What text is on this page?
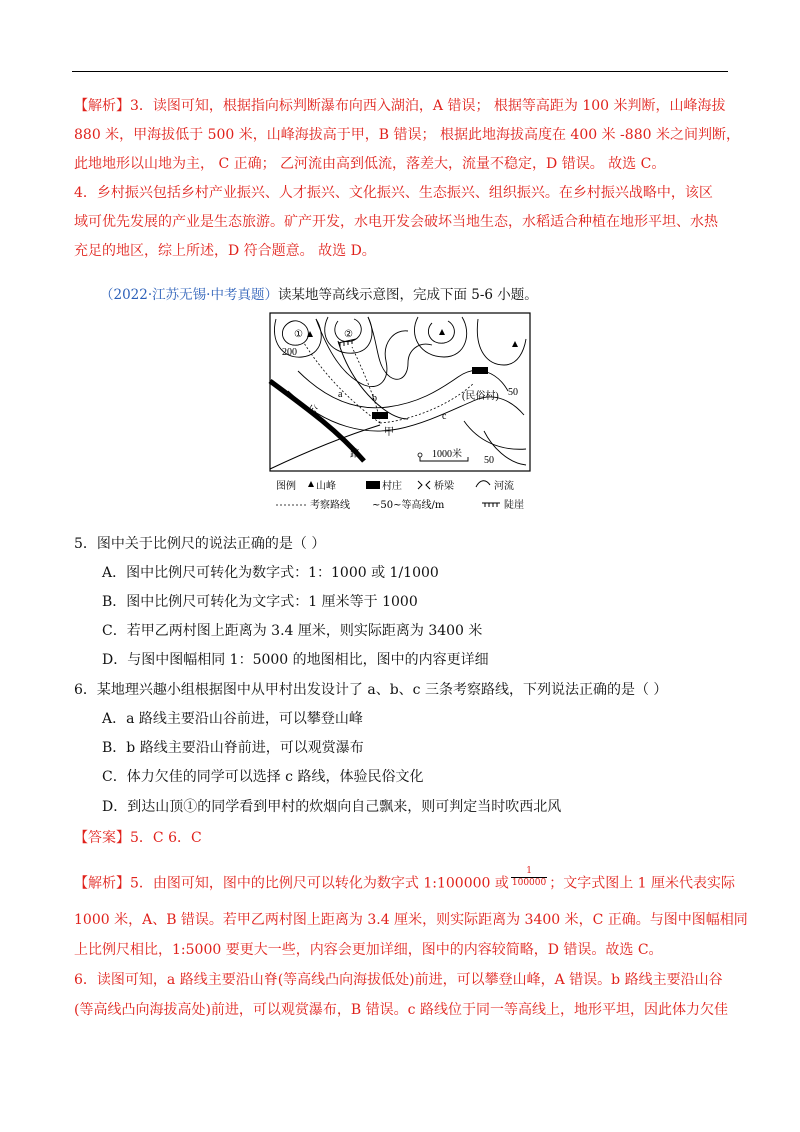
【解析】3．读图可知，根据指向标判断瀑布向西入湖泊，A 错误； 根据等高距为 100 米判断，山峰海拔
880 米，甲海拔低于 500 米，山峰海拔高于甲，B 错误； 根据此地海拔高度在 400 米 -880 米之间判断，
此地地形以山地为主， C 正确； 乙河流由高到低流，落差大，流量不稳定，D 错误。 故选 C。
4．乡村振兴包括乡村产业振兴、人才振兴、文化振兴、生态振兴、组织振兴。在乡村振兴战略中，该区
域可优先发展的产业是生态旅游。矿产开发，水电开发会破坏当地生态，水稻适合种植在地形平坦、水热
充足的地区，综上所述，D 符合题意。 故选 D。
（2022·江苏无锡·中考真题）读某地等高线示意图，完成下面 5-6 小题。
①	②
200
50
50
公
路
甲
(民俗村)
a	b
c
1000米
图例 山峰	村庄	桥梁	河流
考察路线 ~50~等高线/m	陡崖
5．图中关于比例尺的说法正确的是（ ）
A．图中比例尺可转化为数字式：1：1000 或 1/1000
B．图中比例尺可转化为文字式：1 厘米等于 1000
C．若甲乙两村图上距离为 3.4 厘米，则实际距离为 3400 米
D．与图中图幅相同 1：5000 的地图相比，图中的内容更详细
6．某地理兴趣小组根据图中从甲村出发设计了 a、b、c 三条考察路线，下列说法正确的是（ ）
A．a 路线主要沿山谷前进，可以攀登山峰
B．b 路线主要沿山脊前进，可以观赏瀑布
C．体力欠佳的同学可以选择 c 路线，体验民俗文化
D．到达山顶①的同学看到甲村的炊烟向自己飘来，则可判定当时吹西北风
【答案】5．C 6．C
【解析】5．由图可知，图中的比例尺可以转化为数字式 1:100000 或 $\frac{1}{100000}$ ；文字式图上 1 厘米代表实际
1000 米，A、B 错误。若甲乙两村图上距离为 3.4 厘米，则实际距离为 3400 米，C 正确。与图中图幅相同
上比例尺相比，1:5000 要更大一些，内容会更加详细，图中的内容较简略，D 错误。故选 C。
6．读图可知，a 路线主要沿山脊(等高线凸向海拔低处)前进，可以攀登山峰，A 错误。b 路线主要沿山谷
(等高线凸向海拔高处)前进，可以观赏瀑布，B 错误。c 路线位于同一等高线上，地形平坦，因此体力欠佳
